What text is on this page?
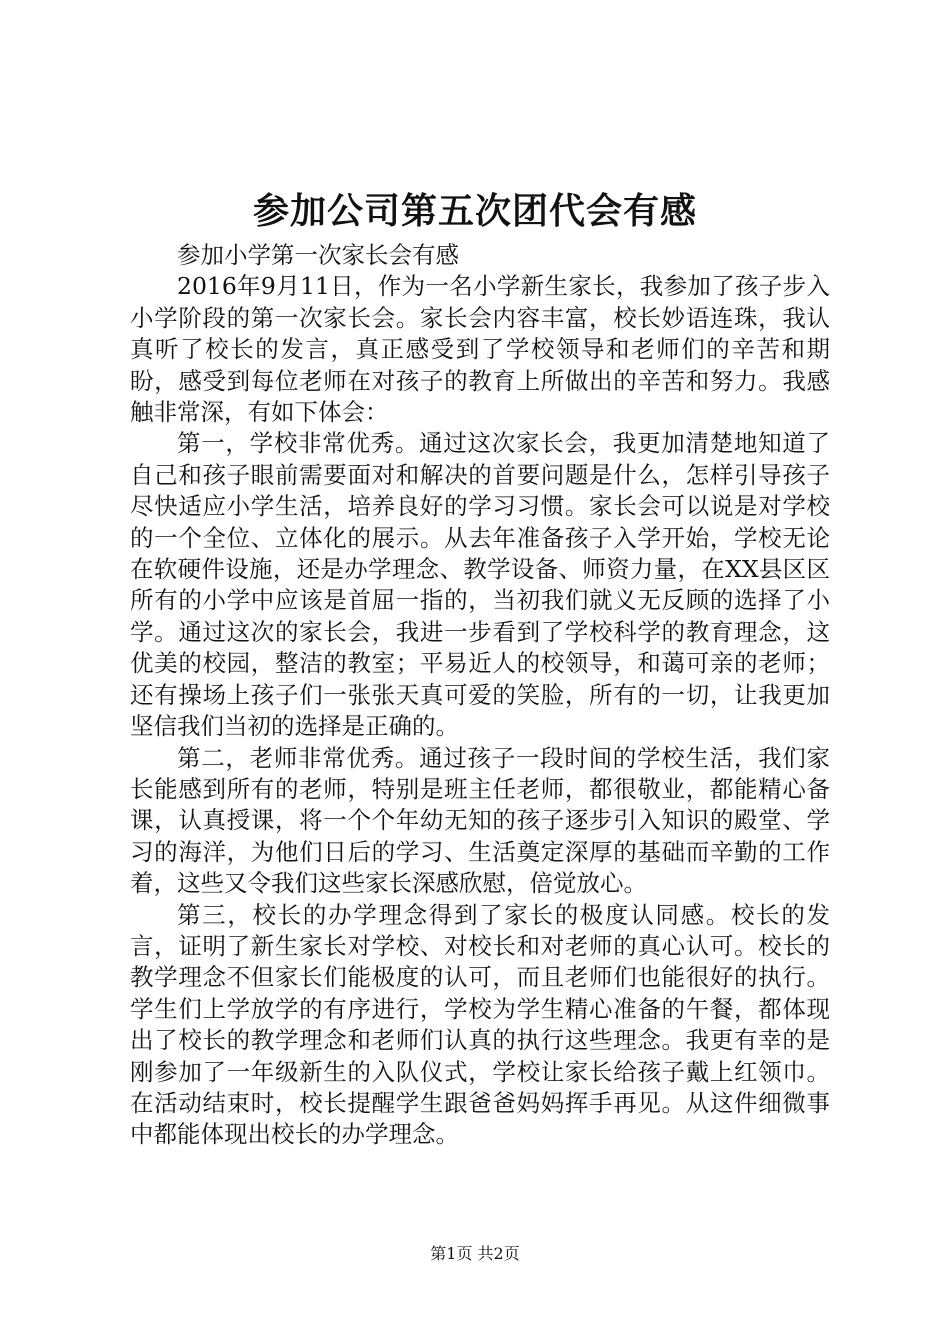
参加公司第五次团代会有感

参加小学第一次家长会有感

2016年9月11日，作为一名小学新生家长，我参加了孩子步入小学阶段的第一次家长会。家长会内容丰富，校长妙语连珠，我认真听了校长的发言，真正感受到了学校领导和老师们的辛苦和期盼，感受到每位老师在对孩子的教育上所做出的辛苦和努力。我感触非常深，有如下体会：

第一，学校非常优秀。通过这次家长会，我更加清楚地知道了自己和孩子眼前需要面对和解决的首要问题是什么，怎样引导孩子尽快适应小学生活，培养良好的学习习惯。家长会可以说是对学校的一个全位、立体化的展示。从去年准备孩子入学开始，学校无论在软硬件设施，还是办学理念、教学设备、师资力量，在XX县区区所有的小学中应该是首屈一指的，当初我们就义无反顾的选择了小学。通过这次的家长会，我进一步看到了学校科学的教育理念，这优美的校园，整洁的教室；平易近人的校领导，和蔼可亲的老师；还有操场上孩子们一张张天真可爱的笑脸，所有的一切，让我更加坚信我们当初的选择是正确的。

第二，老师非常优秀。通过孩子一段时间的学校生活，我们家长能感到所有的老师，特别是班主任老师，都很敬业，都能精心备课，认真授课，将一个个年幼无知的孩子逐步引入知识的殿堂、学习的海洋，为他们日后的学习、生活奠定深厚的基础而辛勤的工作着，这些又令我们这些家长深感欣慰，倍觉放心。

第三，校长的办学理念得到了家长的极度认同感。校长的发言，证明了新生家长对学校、对校长和对老师的真心认可。校长的教学理念不但家长们能极度的认可，而且老师们也能很好的执行。学生们上学放学的有序进行，学校为学生精心准备的午餐，都体现出了校长的教学理念和老师们认真的执行这些理念。我更有幸的是刚参加了一年级新生的入队仪式，学校让家长给孩子戴上红领巾。在活动结束时，校长提醒学生跟爸爸妈妈挥手再见。从这件细微事中都能体现出校长的办学理念。

第1页 共2页
